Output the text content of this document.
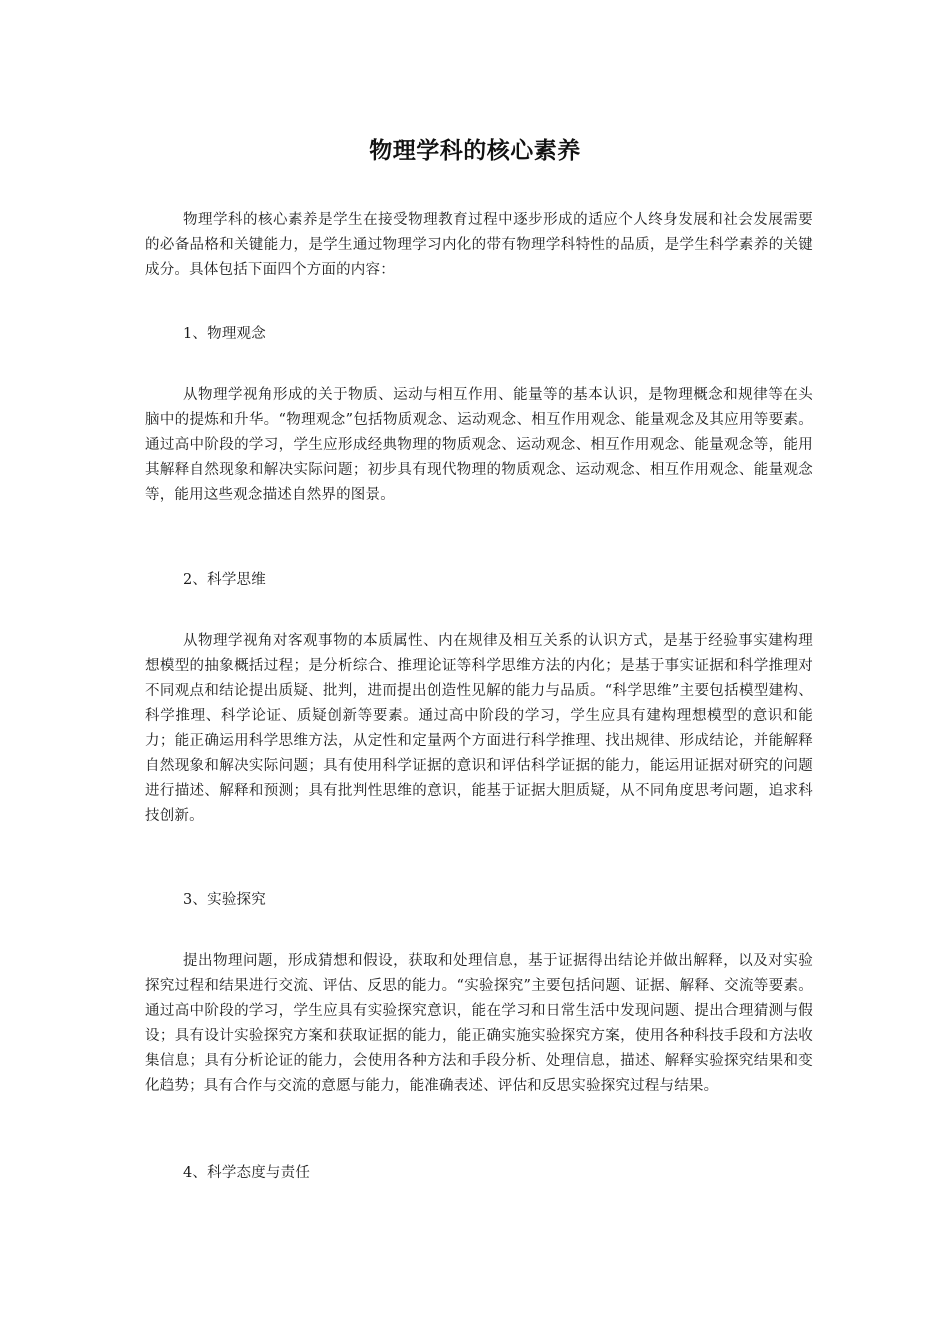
物理学科的核心素养

物理学科的核心素养是学生在接受物理教育过程中逐步形成的适应个人终身发展和社会发展需要的必备品格和关键能力，是学生通过物理学习内化的带有物理学科特性的品质，是学生科学素养的关键成分。具体包括下面四个方面的内容：

1、物理观念

从物理学视角形成的关于物质、运动与相互作用、能量等的基本认识，是物理概念和规律等在头脑中的提炼和升华。“物理观念”包括物质观念、运动观念、相互作用观念、能量观念及其应用等要素。通过高中阶段的学习，学生应形成经典物理的物质观念、运动观念、相互作用观念、能量观念等，能用其解释自然现象和解决实际问题；初步具有现代物理的物质观念、运动观念、相互作用观念、能量观念等，能用这些观念描述自然界的图景。

2、科学思维

从物理学视角对客观事物的本质属性、内在规律及相互关系的认识方式，是基于经验事实建构理想模型的抽象概括过程；是分析综合、推理论证等科学思维方法的内化；是基于事实证据和科学推理对不同观点和结论提出质疑、批判，进而提出创造性见解的能力与品质。“科学思维”主要包括模型建构、科学推理、科学论证、质疑创新等要素。通过高中阶段的学习，学生应具有建构理想模型的意识和能力；能正确运用科学思维方法，从定性和定量两个方面进行科学推理、找出规律、形成结论，并能解释自然现象和解决实际问题；具有使用科学证据的意识和评估科学证据的能力，能运用证据对研究的问题进行描述、解释和预测；具有批判性思维的意识，能基于证据大胆质疑，从不同角度思考问题，追求科技创新。

3、实验探究

提出物理问题，形成猜想和假设，获取和处理信息，基于证据得出结论并做出解释，以及对实验探究过程和结果进行交流、评估、反思的能力。“实验探究”主要包括问题、证据、解释、交流等要素。通过高中阶段的学习，学生应具有实验探究意识，能在学习和日常生活中发现问题、提出合理猜测与假设；具有设计实验探究方案和获取证据的能力，能正确实施实验探究方案，使用各种科技手段和方法收集信息；具有分析论证的能力，会使用各种方法和手段分析、处理信息，描述、解释实验探究结果和变化趋势；具有合作与交流的意愿与能力，能准确表述、评估和反思实验探究过程与结果。

4、科学态度与责任
